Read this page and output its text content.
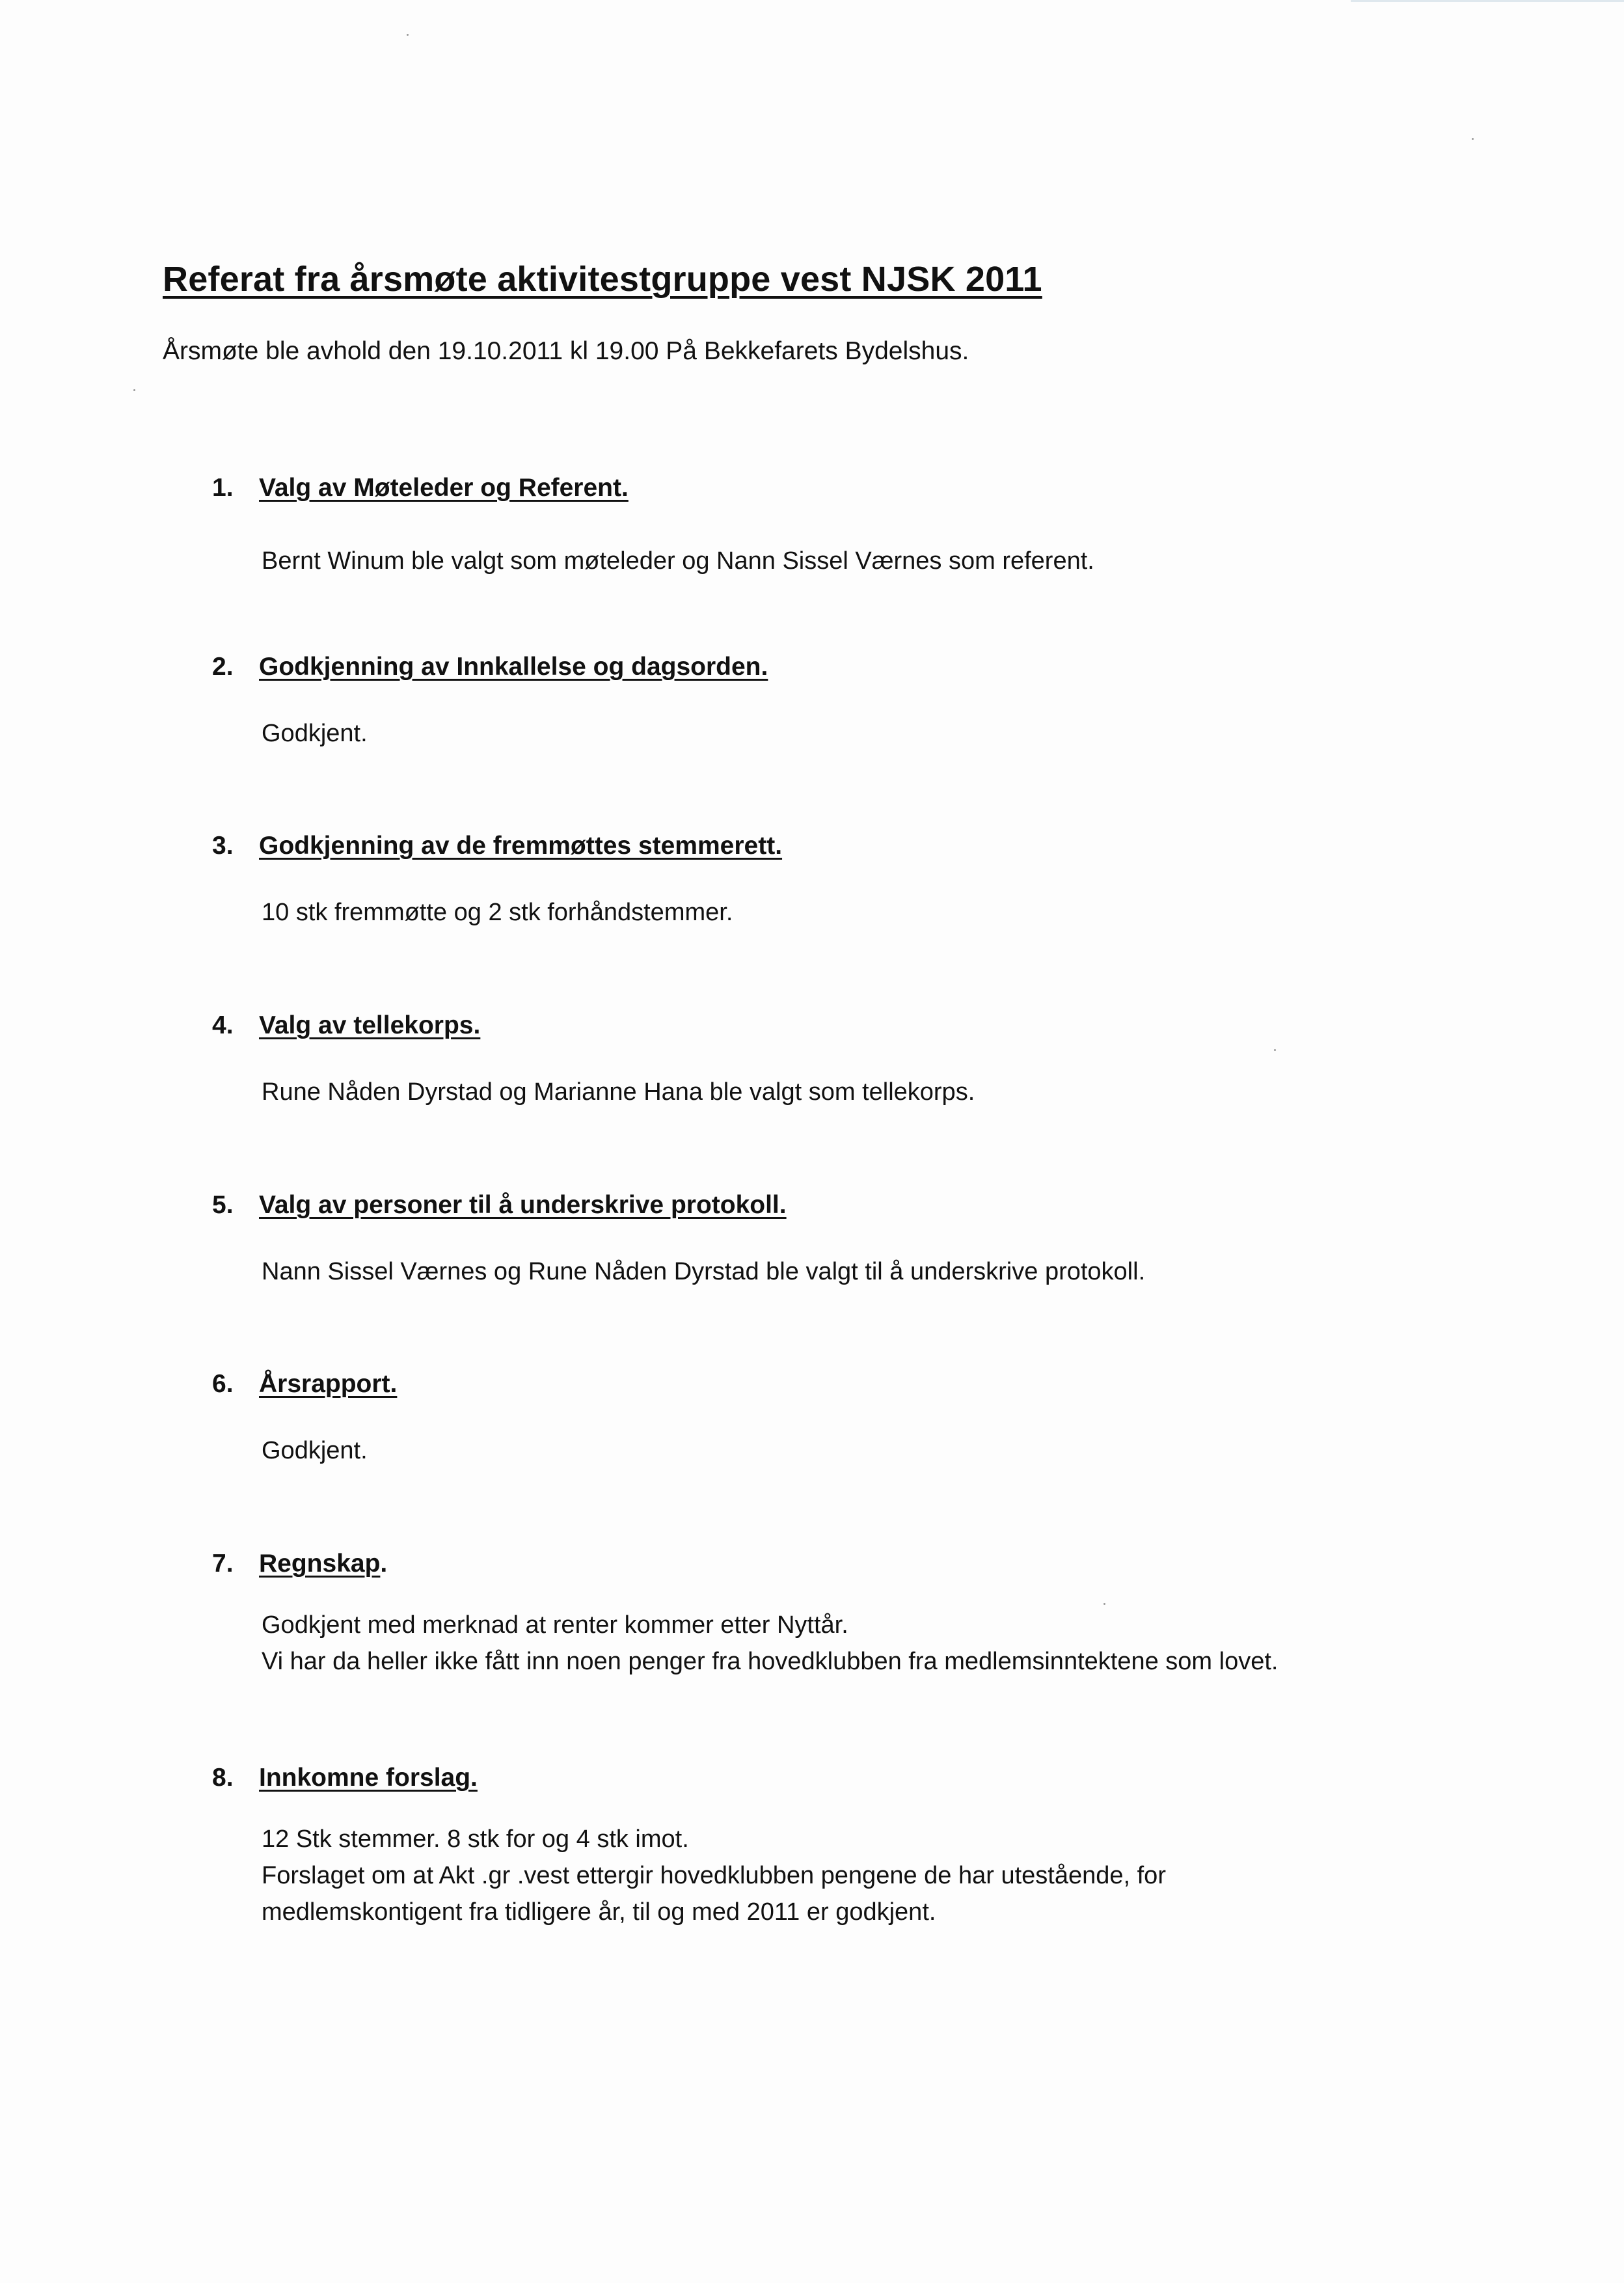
Referat fra årsmøte aktivitestgruppe vest NJSK 2011

Årsmøte ble avhold den 19.10.2011 kl 19.00 På Bekkefarets Bydelshus.

1.	Valg av Møteleder og Referent.
Bernt Winum ble valgt som møteleder og Nann Sissel Værnes som referent.
2.	Godkjenning av Innkallelse og dagsorden.
Godkjent.
3.	Godkjenning av de fremmøttes stemmerett.
10 stk fremmøtte og 2 stk forhåndstemmer.
4.	Valg av tellekorps.
Rune Nåden Dyrstad og Marianne Hana ble valgt som tellekorps.
5.	Valg av personer til å underskrive protokoll.
Nann Sissel Værnes og Rune Nåden Dyrstad ble valgt til å underskrive protokoll.
6.	Årsrapport.
Godkjent.
7.	Regnskap .
Godkjent med merknad at renter kommer etter Nyttår.
Vi har da heller ikke fått inn noen penger fra hovedklubben fra medlemsinntektene som lovet.
8.	Innkomne forslag.
12 Stk stemmer. 8 stk for og 4 stk imot.
Forslaget om at Akt .gr .vest ettergir hovedklubben pengene de har utestående, for
medlemskontigent fra tidligere år, til og med 2011 er godkjent.
